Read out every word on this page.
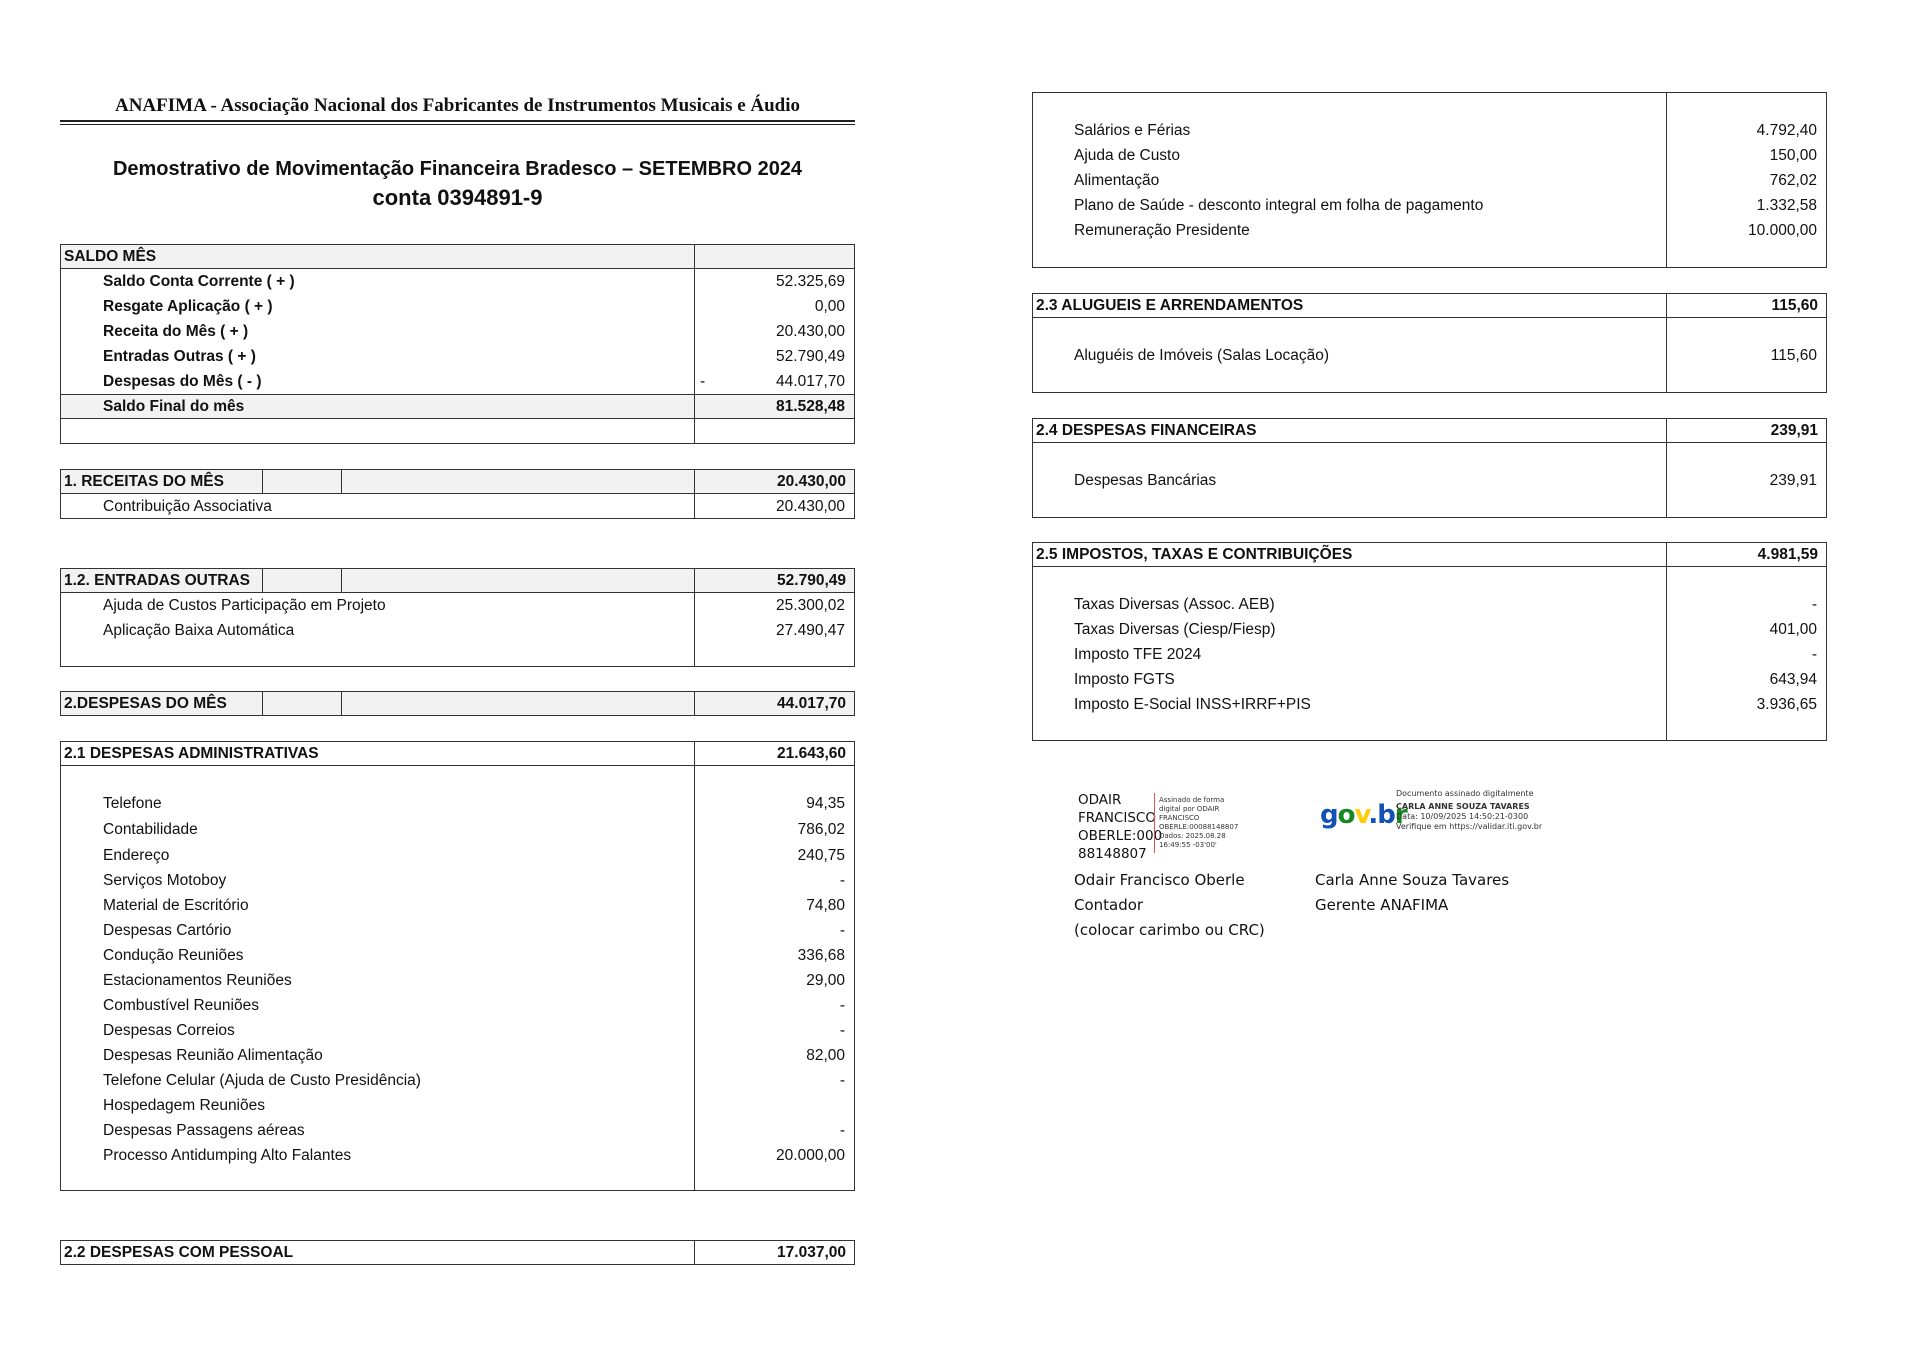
ANAFIMA - Associação Nacional dos Fabricantes de Instrumentos Musicais e Áudio
Demostrativo de Movimentação Financeira Bradesco – SETEMBRO 2024
conta 0394891-9
SALDO MÊS
Saldo Conta Corrente ( + )	52.325,69
Resgate Aplicação ( + )	0,00
Receita do Mês ( + )	20.430,00
Entradas Outras ( + )	52.790,49
Despesas do Mês ( - )	-	44.017,70
Saldo Final do mês	81.528,48
1. RECEITAS DO MÊS	20.430,00
Contribuição Associativa	20.430,00
1.2. ENTRADAS OUTRAS	52.790,49
Ajuda de Custos Participação em Projeto	25.300,02
Aplicação Baixa Automática	27.490,47
2.DESPESAS DO MÊS	44.017,70
2.1 DESPESAS ADMINISTRATIVAS	21.643,60
Telefone	94,35
Contabilidade	786,02
Endereço	240,75
Serviços Motoboy	-
Material de Escritório	74,80
Despesas Cartório	-
Condução Reuniões	336,68
Estacionamentos Reuniões	29,00
Combustível Reuniões	-
Despesas Correios	-
Despesas Reunião Alimentação	82,00
Telefone Celular (Ajuda de Custo Presidência)	-
Hospedagem Reuniões
Despesas Passagens aéreas	-
Processo Antidumping Alto Falantes	20.000,00
2.2 DESPESAS COM PESSOAL	17.037,00
Salários e Férias	4.792,40
Ajuda de Custo	150,00
Alimentação	762,02
Plano de Saúde - desconto integral em folha de pagamento	1.332,58
Remuneração Presidente	10.000,00
2.3 ALUGUEIS E ARRENDAMENTOS	115,60
Aluguéis de Imóveis (Salas Locação)	115,60
2.4 DESPESAS FINANCEIRAS	239,91
Despesas Bancárias	239,91
2.5 IMPOSTOS, TAXAS E CONTRIBUIÇÕES	4.981,59
Taxas Diversas (Assoc. AEB)	-
Taxas Diversas (Ciesp/Fiesp)	401,00
Imposto TFE 2024	-
Imposto FGTS	643,94
Imposto E-Social INSS+IRRF+PIS	3.936,65
ODAIR
FRANCISCO
OBERLE:000
88148807
Assinado de forma
digital por ODAIR
FRANCISCO
OBERLE:00088148807
Dados: 2025.08.28
16:49:55 -03'00'
gov.br
Documento assinado digitalmente
CARLA ANNE SOUZA TAVARES
Data: 10/09/2025 14:50:21-0300
Verifique em https://validar.iti.gov.br
Odair Francisco Oberle
Contador
(colocar carimbo ou CRC)
Carla Anne Souza Tavares
Gerente ANAFIMA
